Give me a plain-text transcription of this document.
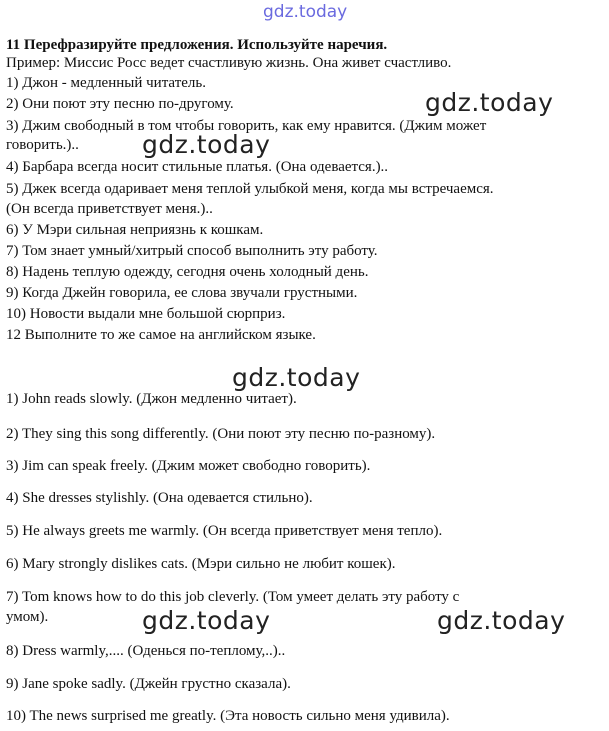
gdz.today
11 Перефразируйте предложения. Используйте наречия.
Пример: Миссис Росс ведет счастливую жизнь. Она живет счастливо.
1) Джон - медленный читатель.
2) Они поют эту песню по-другому.
3) Джим свободный в том чтобы говорить, как ему нравится. (Джим может
говорить.)..
4) Барбара всегда носит стильные платья. (Она одевается.)..
5) Джек всегда одаривает меня теплой улыбкой меня, когда мы встречаемся.
(Он всегда приветствует меня.)..
6) У Мэри сильная неприязнь к кошкам.
7) Том знает умный/хитрый способ выполнить эту работу.
8) Надень теплую одежду, сегодня очень холодный день.
9) Когда Джейн говорила, ее слова звучали грустными.
10) Новости выдали мне большой сюрприз.
12 Выполните то же самое на английском языке.
1) John reads slowly. (Джон медленно читает).
2) They sing this song differently. (Они поют эту песню по-разному).
3) Jim can speak freely. (Джим может свободно говорить).
4) She dresses stylishly. (Она одевается стильно).
5) He always greets me warmly. (Он всегда приветствует меня тепло).
6) Mary strongly dislikes cats. (Мэри сильно не любит кошек).
7) Tom knows how to do this job cleverly. (Том умеет делать эту работу с
умом).
8) Dress warmly,.... (Оденься по-теплому,..)..
9) Jane spoke sadly. (Джейн грустно сказала).
10) The news surprised me greatly. (Эта новость сильно меня удивила).
gdz.today
gdz.today
gdz.today
gdz.today	gdz.today
